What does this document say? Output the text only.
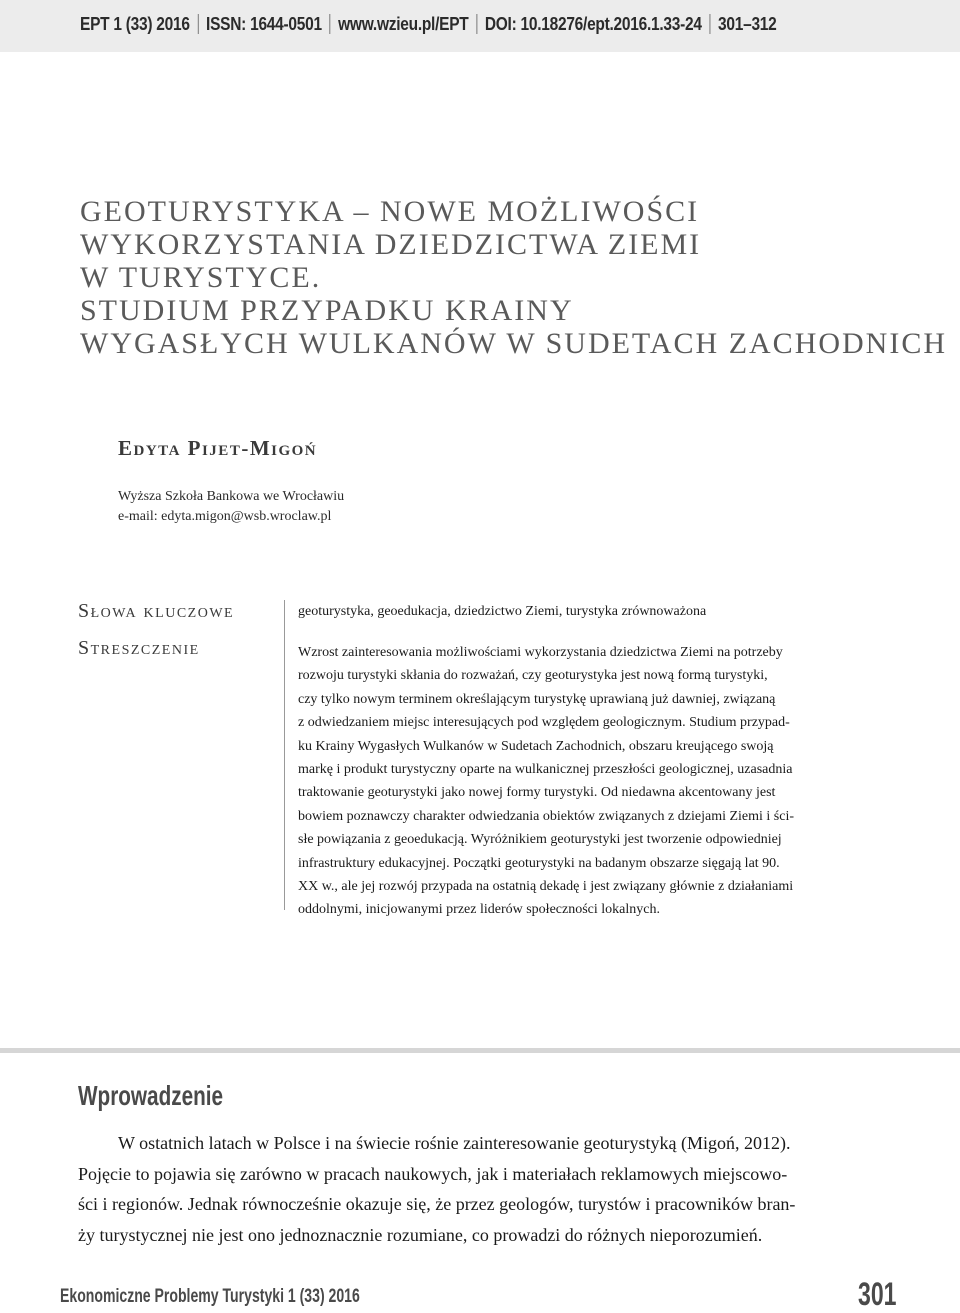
EPT 1 (33) 2016 ISSN: 1644-0501 www.wzieu.pl/EPT DOI: 10.18276/ept.2016.1.33-24 301–312
GEOTURYSTYKA – NOWE MOŻLIWOŚCI
WYKORZYSTANIA DZIEDZICTWA ZIEMI
W TURYSTYCE.
STUDIUM PRZYPADKU KRAINY
WYGASŁYCH WULKANÓW W SUDETACH ZACHODNICH
Edyta Pijet-Migoń
Wyższa Szkoła Bankowa we Wrocławiu
e-mail: edyta.migon@wsb.wroclaw.pl
Słowa kluczowe
Streszczenie
geoturystyka, geoedukacja, dziedzictwo Ziemi, turystyka zrównoważona
Wzrost zainteresowania możliwościami wykorzystania dziedzictwa Ziemi na potrzeby
rozwoju turystyki skłania do rozważań, czy geoturystyka jest nową formą turystyki,
czy tylko nowym terminem określającym turystykę uprawianą już dawniej, związaną
z odwiedzaniem miejsc interesujących pod względem geologicznym. Studium przypad-
ku Krainy Wygasłych Wulkanów w Sudetach Zachodnich, obszaru kreującego swoją
markę i produkt turystyczny oparte na wulkanicznej przeszłości geologicznej, uzasadnia
traktowanie geoturystyki jako nowej formy turystyki. Od niedawna akcentowany jest
bowiem poznawczy charakter odwiedzania obiektów związanych z dziejami Ziemi i ści-
słe powiązania z geoedukacją. Wyróżnikiem geoturystyki jest tworzenie odpowiedniej
infrastruktury edukacyjnej. Początki geoturystyki na badanym obszarze sięgają lat 90.
XX w., ale jej rozwój przypada na ostatnią dekadę i jest związany głównie z działaniami
oddolnymi, inicjowanymi przez liderów społeczności lokalnych.
Wprowadzenie
W ostatnich latach w Polsce i na świecie rośnie zainteresowanie geoturystyką (Migoń, 2012).
Pojęcie to pojawia się zarówno w pracach naukowych, jak i materiałach reklamowych miejscowo-
ści i regionów. Jednak równocześnie okazuje się, że przez geologów, turystów i pracowników bran-
ży turystycznej nie jest ono jednoznacznie rozumiane, co prowadzi do różnych nieporozumień.
Ekonomiczne Problemy Turystyki 1 (33) 2016	301
